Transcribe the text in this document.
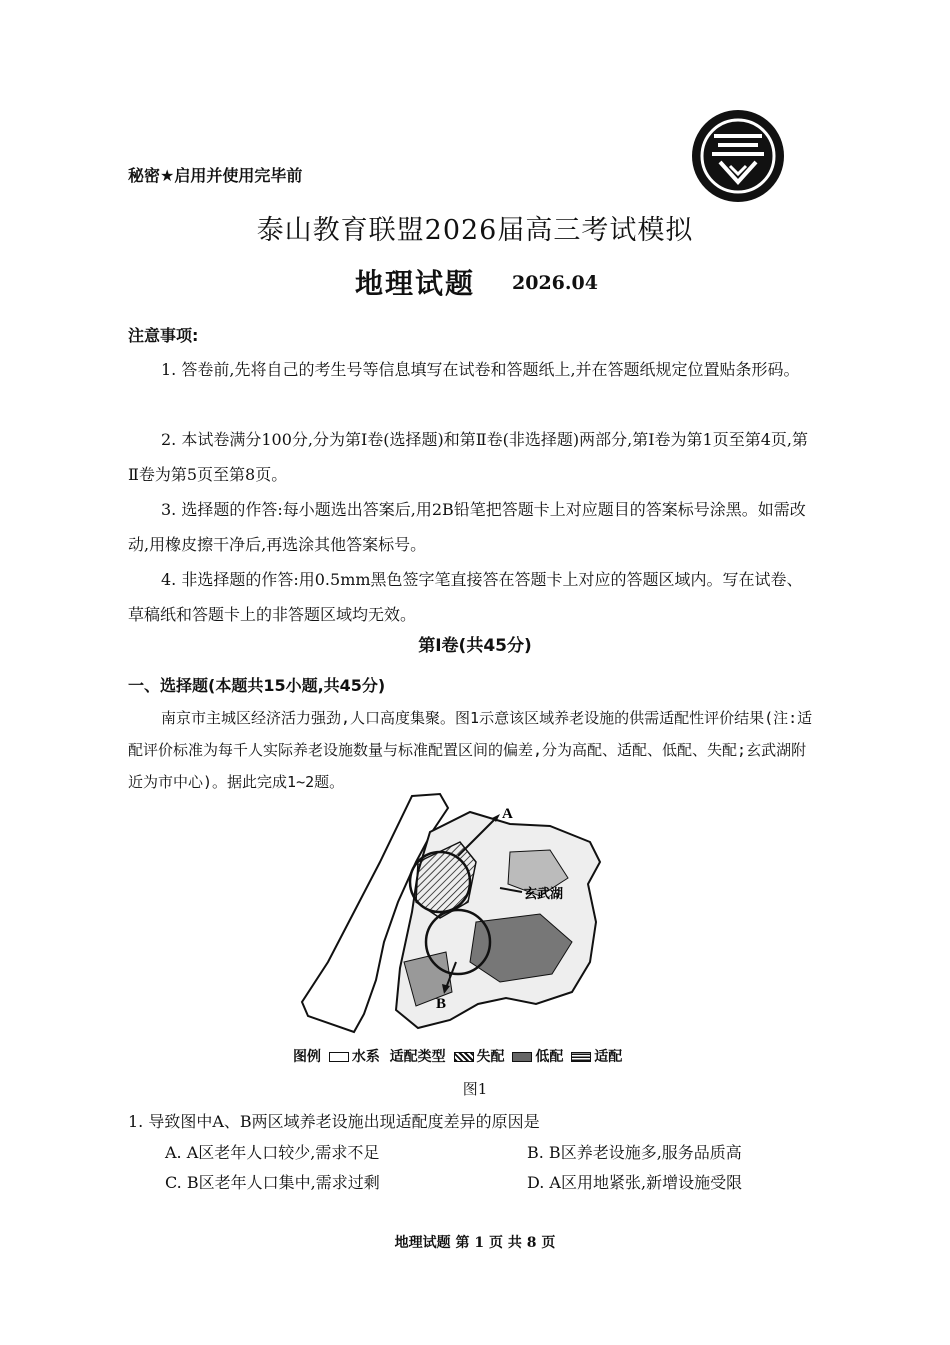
秘密★启用并使用完毕前
泰山教育联盟2026届高三考试模拟
地理试题 2026.04
注意事项:

1. 答卷前,先将自己的考生号等信息填写在试卷和答题纸上,并在答题纸规定位置贴条形码。

2. 本试卷满分100分,分为第Ⅰ卷(选择题)和第Ⅱ卷(非选择题)两部分,第Ⅰ卷为第1页至第4页,第Ⅱ卷为第5页至第8页。

3. 选择题的作答:每小题选出答案后,用2B铅笔把答题卡上对应题目的答案标号涂黑。如需改动,用橡皮擦干净后,再选涂其他答案标号。

4. 非选择题的作答:用0.5mm黑色签字笔直接答在答题卡上对应的答题区域内。写在试卷、草稿纸和答题卡上的非答题区域均无效。

第Ⅰ卷(共45分)
一、选择题(本题共15小题,共45分)

南京市主城区经济活力强劲,人口高度集聚。图1示意该区域养老设施的供需适配性评价结果(注:适配评价标准为每千人实际养老设施数量与标准配置区间的偏差,分为高配、适配、低配、失配;玄武湖附近为市中心)。据此完成1~2题。

A
B
玄武湖
图例 水系 适配类型 失配 低配 适配
图1
1. 导致图中A、B两区域养老设施出现适配度差异的原因是
A. A区老年人口较少,需求不足	B. B区养老设施多,服务品质高
C. B区老年人口集中,需求过剩	D. A区用地紧张,新增设施受限
地理试题 第 1 页 共 8 页
